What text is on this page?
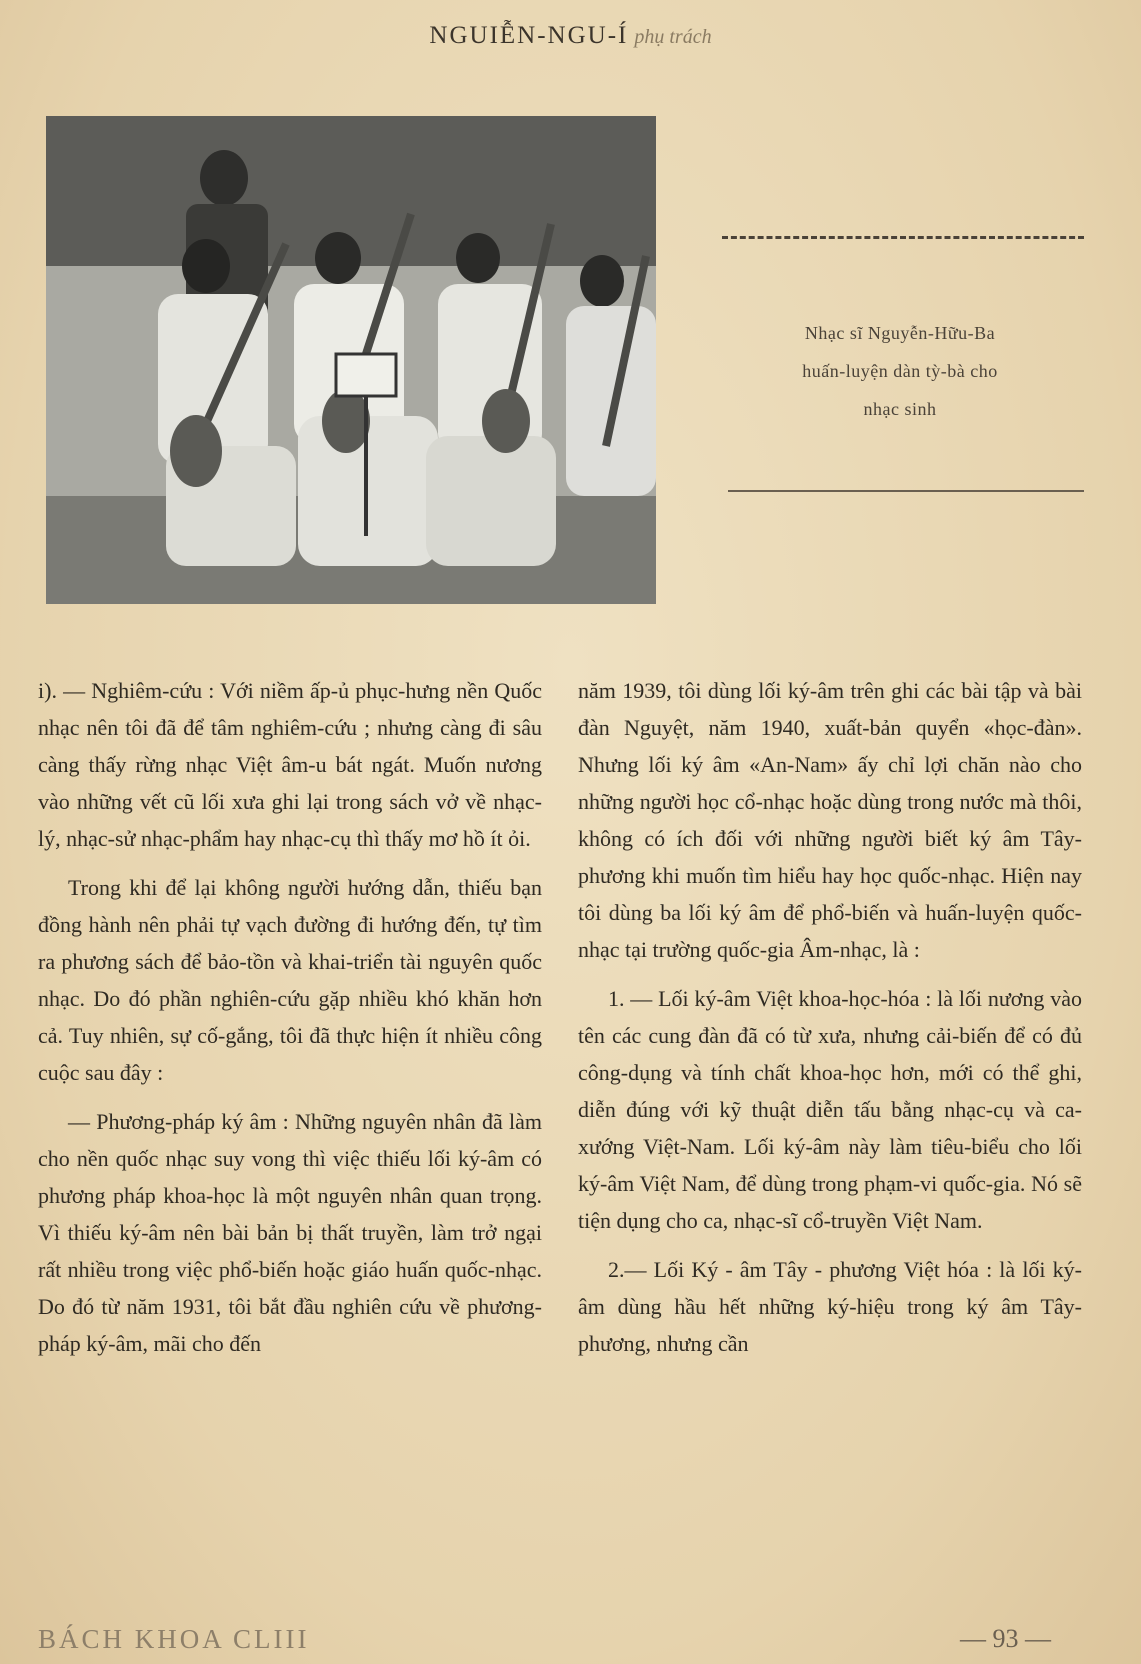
NGUIỄN-NGU-Í phụ trách
Nhạc sĩ Nguyễn-Hữu-Ba
huấn-luyện dàn tỳ-bà cho
nhạc sinh

i). — Nghiêm-cứu : Với niềm ấp-ủ phục-hưng nền Quốc nhạc nên tôi đã để tâm nghiêm-cứu ; nhưng càng đi sâu càng thấy rừng nhạc Việt âm-u bát ngát. Muốn nương vào những vết cũ lối xưa ghi lại trong sách vở về nhạc-lý, nhạc-sử nhạc-phẩm hay nhạc-cụ thì thấy mơ hồ ít ỏi.

Trong khi để lại không người hướng dẫn, thiếu bạn đồng hành nên phải tự vạch đường đi hướng đến, tự tìm ra phương sách để bảo-tồn và khai-triển tài nguyên quốc nhạc. Do đó phần nghiên-cứu gặp nhiều khó khăn hơn cả. Tuy nhiên, sự cố-gắng, tôi đã thực hiện ít nhiều công cuộc sau đây :

— Phương-pháp ký âm : Những nguyên nhân đã làm cho nền quốc nhạc suy vong thì việc thiếu lối ký-âm có phương pháp khoa-học là một nguyên nhân quan trọng. Vì thiếu ký-âm nên bài bản bị thất truyền, làm trở ngại rất nhiều trong việc phổ-biến hoặc giáo huấn quốc-nhạc. Do đó từ năm 1931, tôi bắt đầu nghiên cứu về phương-pháp ký-âm, mãi cho đến

năm 1939, tôi dùng lối ký-âm trên ghi các bài tập và bài đàn Nguyệt, năm 1940, xuất-bản quyển «học-đàn». Nhưng lối ký âm «An-Nam» ấy chỉ lợi chăn nào cho những người học cổ-nhạc hoặc dùng trong nước mà thôi, không có ích đối với những người biết ký âm Tây-phương khi muốn tìm hiểu hay học quốc-nhạc. Hiện nay tôi dùng ba lối ký âm để phổ-biến và huấn-luyện quốc-nhạc tại trường quốc-gia Âm-nhạc, là :

1. — Lối ký-âm Việt khoa-học-hóa : là lối nương vào tên các cung đàn đã có từ xưa, nhưng cải-biến để có đủ công-dụng và tính chất khoa-học hơn, mới có thể ghi, diễn đúng với kỹ thuật diễn tấu bằng nhạc-cụ và ca-xướng Việt-Nam. Lối ký-âm này làm tiêu-biểu cho lối ký-âm Việt Nam, để dùng trong phạm-vi quốc-gia. Nó sẽ tiện dụng cho ca, nhạc-sĩ cổ-truyền Việt Nam.

2.— Lối Ký - âm Tây - phương Việt hóa : là lối ký-âm dùng hầu hết những ký-hiệu trong ký âm Tây-phương, nhưng cần

BÁCH KHOA CLIII	— 93 —
